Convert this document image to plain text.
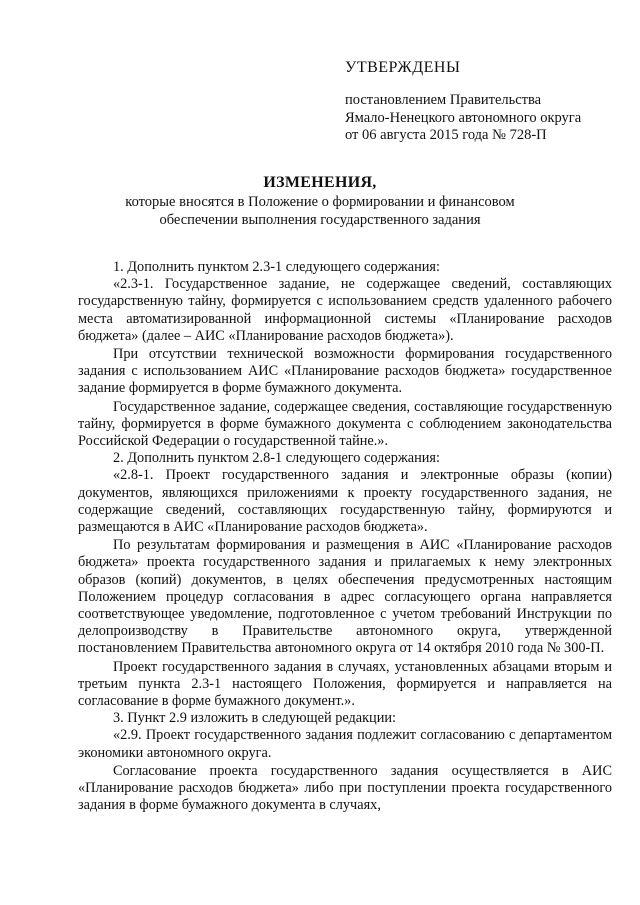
УТВЕРЖДЕНЫ
постановлением Правительства
Ямало-Ненецкого автономного округа
от 06 августа 2015 года № 728-П
ИЗМЕНЕНИЯ,
которые вносятся в Положение о формировании и финансовом
обеспечении выполнения государственного задания

1. Дополнить пунктом 2.3-1 следующего содержания:

«2.3-1. Государственное задание, не содержащее сведений, составляющих государственную тайну, формируется с использованием средств удаленного рабочего места автоматизированной информационной системы «Планирование расходов бюджета» (далее – АИС «Планирование расходов бюджета»).

При отсутствии технической возможности формирования государственного задания с использованием АИС «Планирование расходов бюджета» государственное задание формируется в форме бумажного документа.

Государственное задание, содержащее сведения, составляющие государственную тайну, формируется в форме бумажного документа с соблюдением законодательства Российской Федерации о государственной тайне.».

2. Дополнить пунктом 2.8-1 следующего содержания:

«2.8-1. Проект государственного задания и электронные образы (копии) документов, являющихся приложениями к проекту государственного задания, не содержащие сведений, составляющих государственную тайну, формируются и размещаются в АИС «Планирование расходов бюджета».

По результатам формирования и размещения в АИС «Планирование расходов бюджета» проекта государственного задания и прилагаемых к нему электронных образов (копий) документов, в целях обеспечения предусмотренных настоящим Положением процедур согласования в адрес согласующего органа направляется соответствующее уведомление, подготовленное с учетом требований Инструкции по делопроизводству в Правительстве автономного округа, утвержденной постановлением Правительства автономного округа от 14 октября 2010 года № 300-П.

Проект государственного задания в случаях, установленных абзацами вторым и третьим пункта 2.3-1 настоящего Положения, формируется и направляется на согласование в форме бумажного документ.».

3. Пункт 2.9 изложить в следующей редакции:

«2.9. Проект государственного задания подлежит согласованию с департаментом экономики автономного округа.

Согласование проекта государственного задания осуществляется в АИС «Планирование расходов бюджета» либо при поступлении проекта государственного задания в форме бумажного документа в случаях,
